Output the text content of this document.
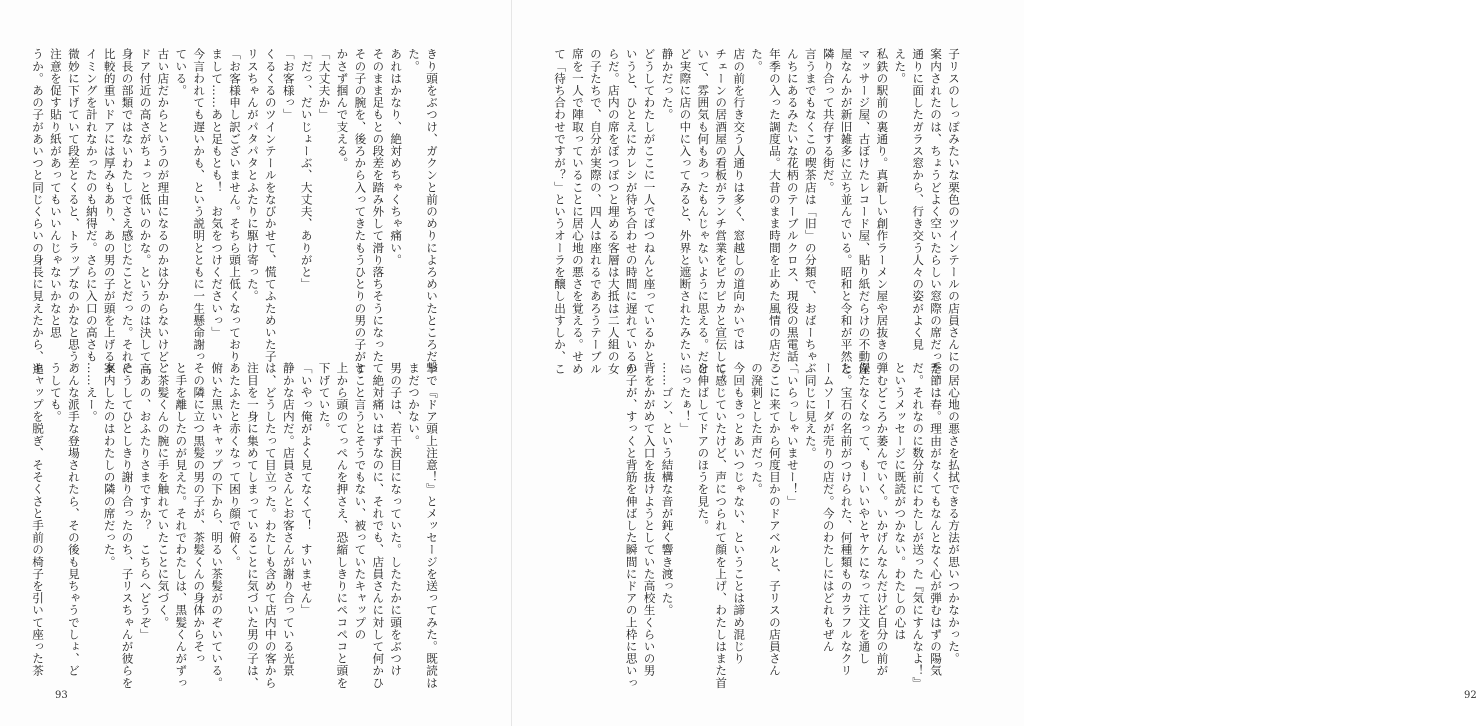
きり頭をぶつけ、ガクンと前のめりによろめいたところだっ
た。
あれはかなり、絶対めちゃくちゃ痛い。
そのまま足もとの段差を踏み外して滑り落ちそうになった
その子の腕を、後ろから入ってきたもうひとりの男の子がす
かさず掴んで支える。
「大丈夫か」
「だっ、だいじょーぶ、大丈夫、ありがと」
「お客様っ」
くるくるのツインテールをなびかせて、慌てふためいた子
リスちゃんがパタパタとふたりに駆け寄った。
「お客様申し訳ございません。そちら頭上低くなっており
まして……あと足もとも！　お気をつけくださいっ」
今言われても遅いかも、という説明とともに一生懸命謝っ
ている。
古い店だからというのが理由になるのかは分からないけど、
ドア付近の高さがちょっと低いのかな。というのは決して高
身長の部類ではないわたしでさえ感じたことだった。それに
比較的重いドアには厚みもあり、あの男の子が頭を上げるタ
イミングを計れなかったのも納得だ。さらに入口の高さも
微妙に下げていて段差とくると、トラップなのかなと思う。
注意を促す貼り紙があってもいいんじゃないかなと思
うか。あの子があいつと同じくらいの身長に見えたから、追
撃で『ドア頭上注意！』とメッセージを送ってみた。既読は
まだつかない。
男の子は、若干涙目になっていた。したたかに頭をぶつけ
て絶対痛いはずなのに、それでも、店員さんに対して何かひ
とこと言うとそうでもない、被っていたキャップの
上から頭のてっぺんを押さえ、恐縮しきりにペコペコと頭を
下げていた。
「いやっ俺がよく見てなくて！　すいません」
静かな店内だ。店員さんとお客さんが謝り合っている光景
は、どうしたって目立った。わたしも含めて店内中の客から
注目を一身に集めてしまっていることに気づいた男の子は、
あたふたと赤くなって困り顔で俯く。
俯いた黒いキャップの下から、明るい茶髪がのぞいている。
その隣に立つ黒髪の男の子が、茶髪くんの身体からそっ
と手を離したのが見えた。それでわたしは、黒髪くんがずっ
と茶髪くんの腕に手を触れていたことに気づく。
「あの、おふたりさまですか？　こちらへどうぞ」
そうしてひとしきり謝り合ったのち、子リスちゃんが彼らを
案内したのはわたしの隣の席だった。
……えー。
あんな派手な登場されたら、その後も見ちゃうでしょ、ど
うしても。
キャップを脱ぎ、そそくさと手前の椅子を引いて座った茶
93
子リスのしっぽみたいな栗色のツインテールの店員さんに
案内されたのは、ちょうどよく空いたらしい窓際の席だった。
通りに面したガラス窓から、行き交う人々の姿がよく見
えた。
私鉄の駅前の裏通り。真新しい創作ラーメン屋や居抜きの
マッサージ屋、古ぼけたレコード屋、貼り紙だらけの不動産
屋なんかが新旧雑多に立ち並んでいる。昭和と令和が平然と
隣り合って共存する街だ。
言うまでもなくこの喫茶店は「旧」の分類で、おばーちゃ
んちにあるみたいな花柄のテーブルクロス、現役の黒電話、
年季の入った調度品。大昔のまま時間を止めた風情の店だっ
た。
店の前を行き交う人通りは多く、窓越しの道向かいでは
チェーンの居酒屋の看板がランチ営業をピカピカと宣伝して
いて、雰囲気も何もあったもんじゃないように思える。だけ
ど実際に店の中に入ってみると、外界と遮断されたみたいに
静かだった。
どうしてわたしがここに一人でぽつねんと座っているかと
いうと、ひとえにカレシが待ち合わせの時間に遅れているか
らだ。店内の席をぽつぽつと埋める客層は大抵は二人組の女
の子たちで、自分が実際の、四人は座れるであろうテーブル
席を一人で陣取っていることに居心地の悪さを覚える。せめ
て「待ち合わせですが？」というオーラを醸し出すしか、こ
の居心地の悪さを払拭できる方法が思いつかなかった。
季節は春。理由がなくてもなんとなく心が弾むはずの陽気
だ。それなのに数分前にわたしが送った『気にすんなよ！』
というメッセージに既読がつかない。わたしの心は
弾むどころか萎んでいく。いかげんなんだけど自分の前が
保たなくなって、もーいいやとヤケになって注文を通し
た。宝石の名前がつけられた、何種類ものカラフルなクリ
ームソーダが売りの店だ。今のわたしにはどれもぜん
ぶ同じに見えた。
「いらっしゃいませー！」
ここに来てから何度目かのドアベルと、子リスの店員さん
の溌剌とした声だった。
今回もきっとあいつじゃない、ということは諦め混じり
に感じていたけど、声につられて顔を上げ、わたしはまた首
を伸ばしてドアのほうを見た。
「ったぁ！」
……ゴン、という結構な音が鈍く響き渡った。
背をかがめて入口を抜けようとしていた高校生くらいの男
の子が、すっくと背筋を伸ばした瞬間にドアの上枠に思いっ
92
